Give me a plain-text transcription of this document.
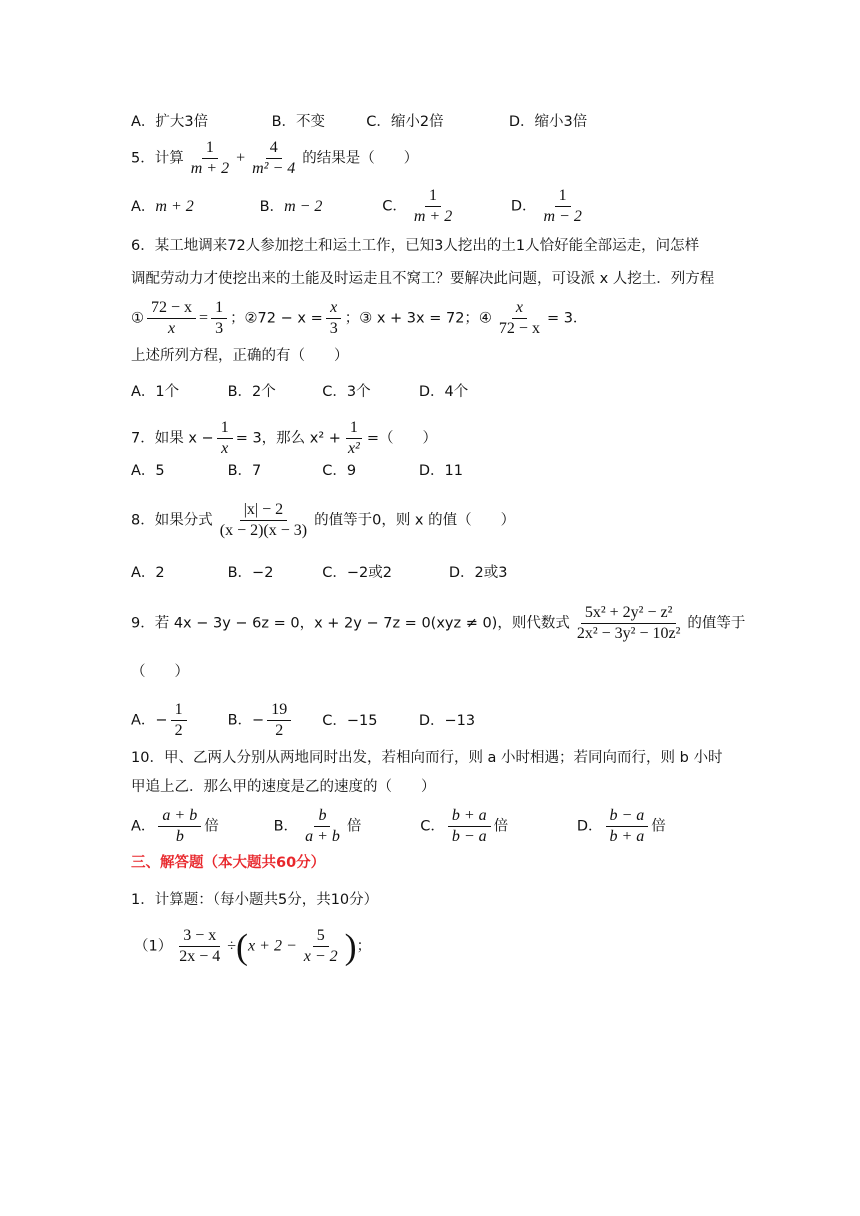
A．扩大3倍	B．不变	C．缩小2倍	D．缩小3倍
5．计算 $\frac{1}{m + 2} + \frac{4}{\text{m² − 4}}$ 的结果是（　　）
A．m + 2	B．m − 2	C． $\frac{1}{m + 2}$	D． $\frac{1}{m - 2}$
6．某工地调来72人参加挖土和运土工作，已知3人挖出的土1人恰好能全部运走，问怎样
调配劳动力才使挖出来的土能及时运走且不窝工？要解决此问题，可设派 x 人挖土．列方程
① $\frac{72 - x}{x} = \frac{1}{3}$ ；②72 − $x = \frac{x}{3}$ ；③ x + 3x = 72；④ $\frac{x}{72 - x} = 3$．
上述所列方程，正确的有（　　）
A．1个	B．2个	C．3个	D．4个
7．如果 $x - \frac{1}{x} = 3$，那么 $x^2 + \frac{1}{\text{x²}}$ =（　　）
A．5	B．7	C．9	D．11
8．如果分式 $\frac{|x| - 2}{(x - 2)(x - 3)}$ 的值等于0，则 x 的值（　　）
A．2	B．−2	C．−2或2	D．2或3
9．若 4x − 3y − 6z = 0，x + 2y − 7z = 0(xyz ≠ 0)，则代数式 $\frac{\text{5x² + 2y² − z²}}{\text{2x² − 3y² − 10z²}}$ 的值等于
（　　）
A．− $\frac{1}{2}$	B．− $\frac{19}{2}$ C．−15	D．−13
10．甲、乙两人分别从两地同时出发，若相向而行，则 a 小时相遇；若同向而行，则 b 小时
甲追上乙．那么甲的速度是乙的速度的（　　）
A． $\frac{a + b}{b}$ 倍	B． $\frac{b}{a + b}$ 倍	C． $\frac{b + a}{b - a}$ 倍	D． $\frac{b - a}{b + a}$ 倍
三、解答题（本大题共60分）
1．计算题：（每小题共5分，共10分）
$(1) \frac{3 - x}{2x - 4} \div(x + 2 - \frac{5}{x - 2}$ )；
